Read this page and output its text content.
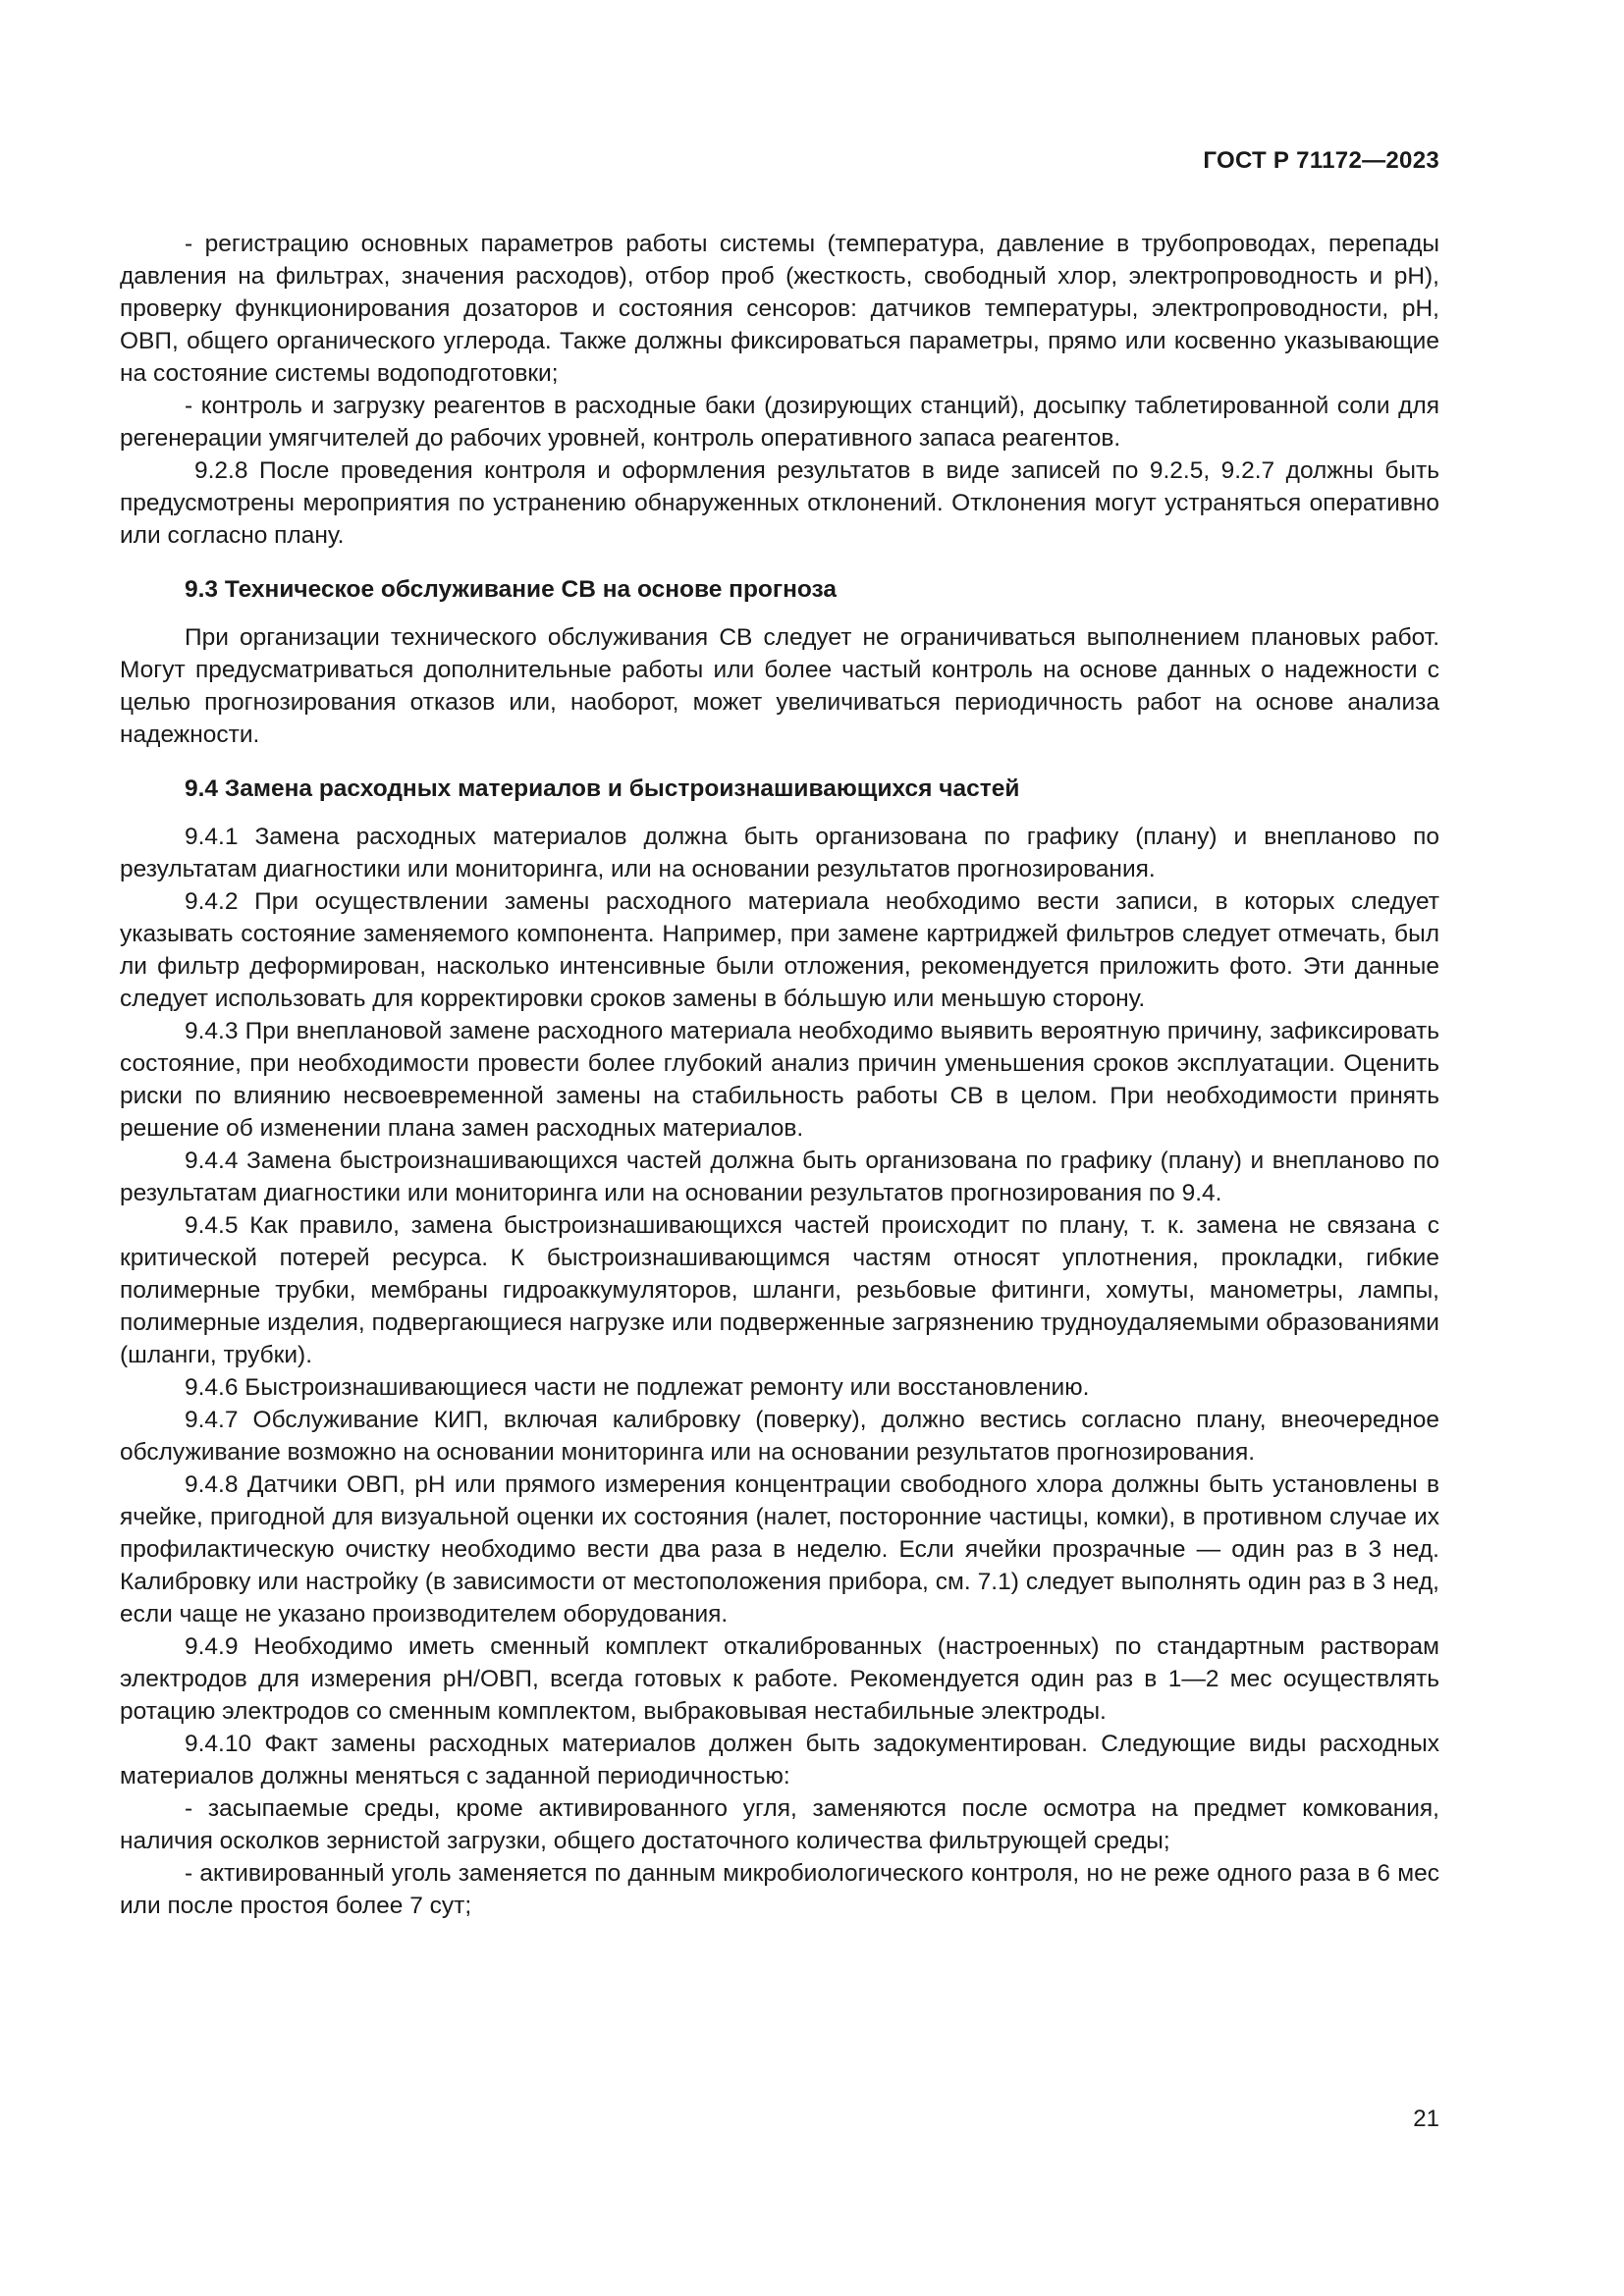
ГОСТ Р 71172—2023

- регистрацию основных параметров работы системы (температура, давление в трубопроводах, перепады давления на фильтрах, значения расходов), отбор проб (жесткость, свободный хлор, электропроводность и pH), проверку функционирования дозаторов и состояния сенсоров: датчиков температуры, электропроводности, pH, ОВП, общего органического углерода. Также должны фиксироваться параметры, прямо или косвенно указывающие на состояние системы водоподготовки;

- контроль и загрузку реагентов в расходные баки (дозирующих станций), досыпку таблетированной соли для регенерации умягчителей до рабочих уровней, контроль оперативного запаса реагентов.

9.2.8 После проведения контроля и оформления результатов в виде записей по 9.2.5, 9.2.7 должны быть предусмотрены мероприятия по устранению обнаруженных отклонений. Отклонения могут устраняться оперативно или согласно плану.

9.3 Техническое обслуживание СВ на основе прогноза

При организации технического обслуживания СВ следует не ограничиваться выполнением плановых работ. Могут предусматриваться дополнительные работы или более частый контроль на основе данных о надежности с целью прогнозирования отказов или, наоборот, может увеличиваться периодичность работ на основе анализа надежности.

9.4 Замена расходных материалов и быстроизнашивающихся частей

9.4.1 Замена расходных материалов должна быть организована по графику (плану) и внепланово по результатам диагностики или мониторинга, или на основании результатов прогнозирования.

9.4.2 При осуществлении замены расходного материала необходимо вести записи, в которых следует указывать состояние заменяемого компонента. Например, при замене картриджей фильтров следует отмечать, был ли фильтр деформирован, насколько интенсивные были отложения, рекомендуется приложить фото. Эти данные следует использовать для корректировки сроков замены в бо́льшую или меньшую сторону.

9.4.3 При внеплановой замене расходного материала необходимо выявить вероятную причину, зафиксировать состояние, при необходимости провести более глубокий анализ причин уменьшения сроков эксплуатации. Оценить риски по влиянию несвоевременной замены на стабильность работы СВ в целом. При необходимости принять решение об изменении плана замен расходных материалов.

9.4.4 Замена быстроизнашивающихся частей должна быть организована по графику (плану) и внепланово по результатам диагностики или мониторинга или на основании результатов прогнозирования по 9.4.

9.4.5 Как правило, замена быстроизнашивающихся частей происходит по плану, т. к. замена не связана с критической потерей ресурса. К быстроизнашивающимся частям относят уплотнения, прокладки, гибкие полимерные трубки, мембраны гидроаккумуляторов, шланги, резьбовые фитинги, хомуты, манометры, лампы, полимерные изделия, подвергающиеся нагрузке или подверженные загрязнению трудноудаляемыми образованиями (шланги, трубки).

9.4.6 Быстроизнашивающиеся части не подлежат ремонту или восстановлению.

9.4.7 Обслуживание КИП, включая калибровку (поверку), должно вестись согласно плану, внеочередное обслуживание возможно на основании мониторинга или на основании результатов прогнозирования.

9.4.8 Датчики ОВП, pH или прямого измерения концентрации свободного хлора должны быть установлены в ячейке, пригодной для визуальной оценки их состояния (налет, посторонние частицы, комки), в противном случае их профилактическую очистку необходимо вести два раза в неделю. Если ячейки прозрачные — один раз в 3 нед. Калибровку или настройку (в зависимости от местоположения прибора, см. 7.1) следует выполнять один раз в 3 нед, если чаще не указано производителем оборудования.

9.4.9 Необходимо иметь сменный комплект откалиброванных (настроенных) по стандартным растворам электродов для измерения pH/ОВП, всегда готовых к работе. Рекомендуется один раз в 1—2 мес осуществлять ротацию электродов со сменным комплектом, выбраковывая нестабильные электроды.

9.4.10 Факт замены расходных материалов должен быть задокументирован. Следующие виды расходных материалов должны меняться с заданной периодичностью:

- засыпаемые среды, кроме активированного угля, заменяются после осмотра на предмет комкования, наличия осколков зернистой загрузки, общего достаточного количества фильтрующей среды;

- активированный уголь заменяется по данным микробиологического контроля, но не реже одного раза в 6 мес или после простоя более 7 сут;

21
